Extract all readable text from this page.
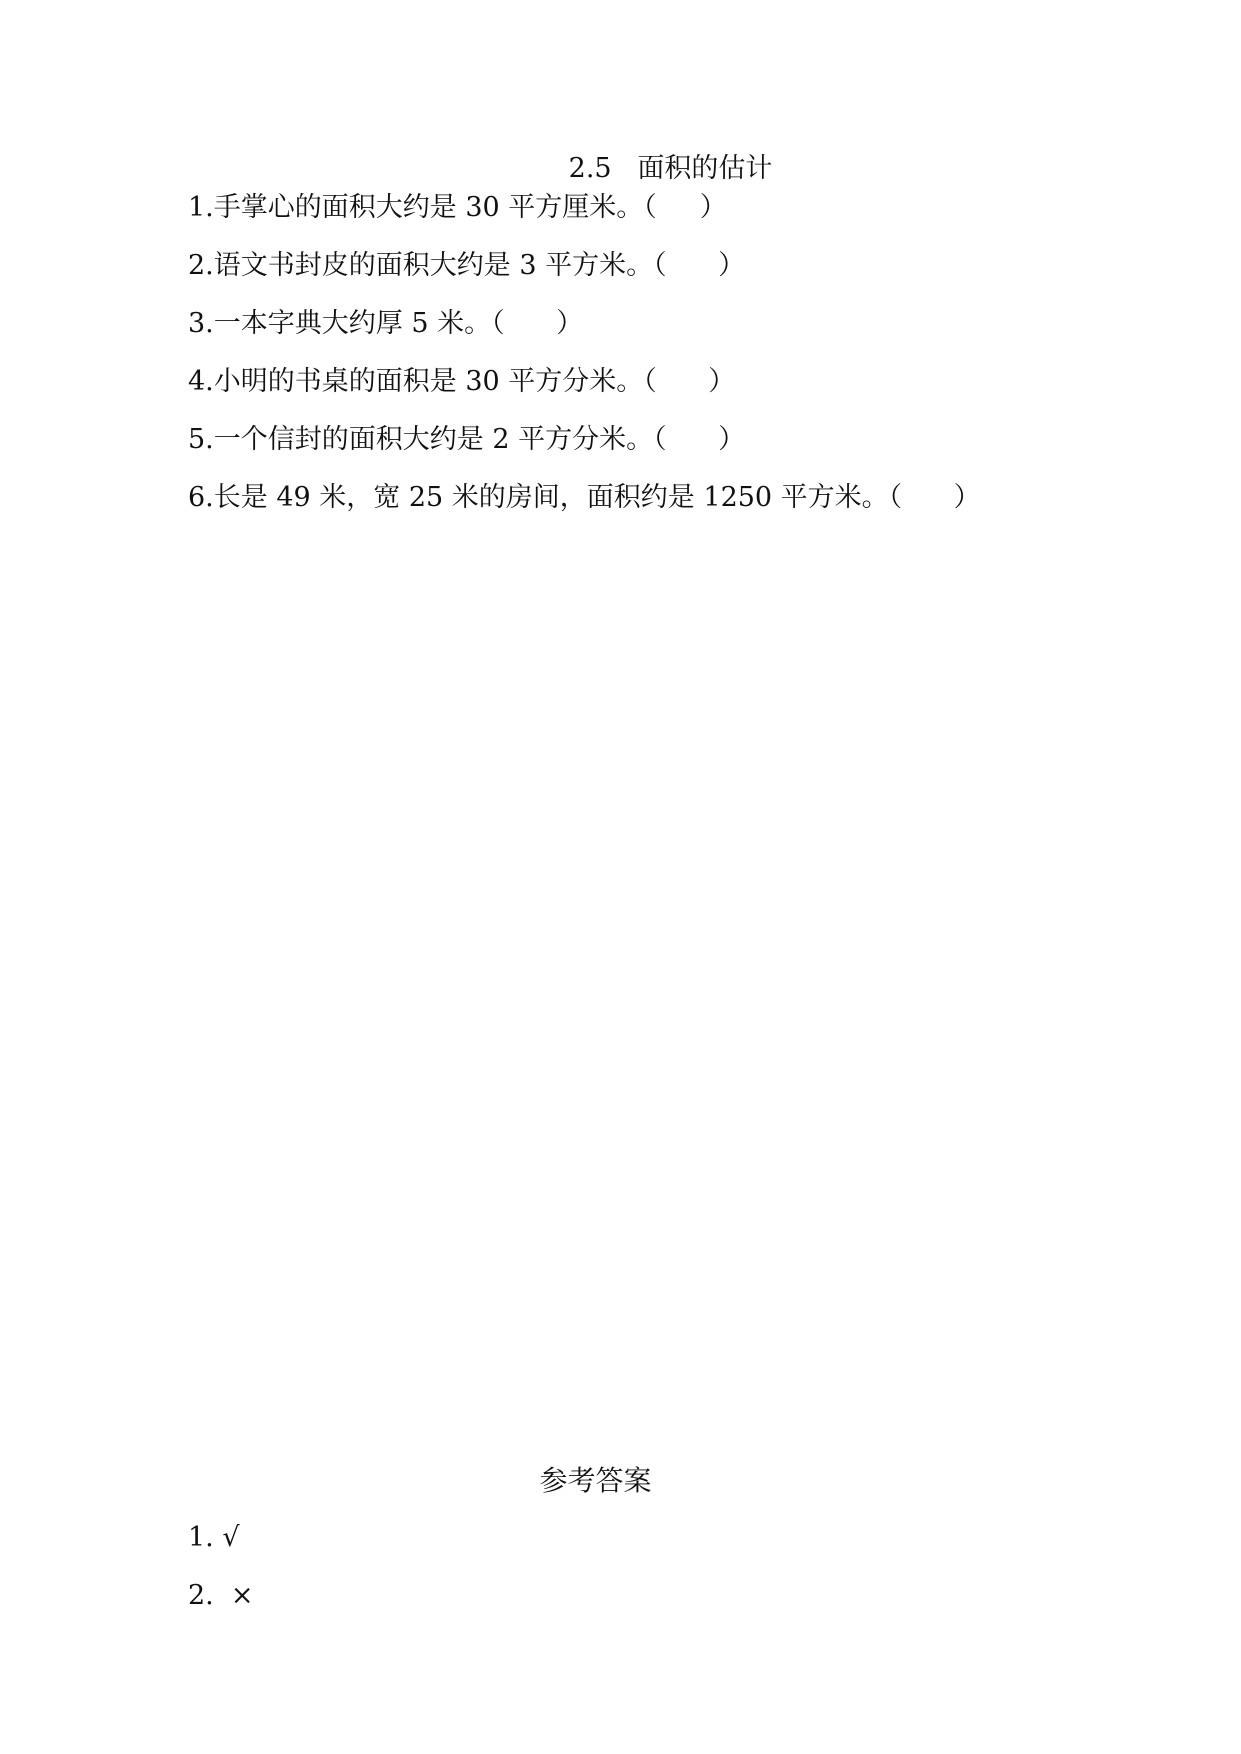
2.5   面积的估计
1.手掌心的面积大约是 30 平方厘米。（     ）
2.语文书封皮的面积大约是 3 平方米。（      ）
3.一本字典大约厚 5 米。（      ）
4.小明的书桌的面积是 30 平方分米。（      ）
5.一个信封的面积大约是 2 平方分米。（      ）
6.长是 49 米，宽 25 米的房间，面积约是 1250 平方米。（      ）
参考答案
1. √
2.  ×
